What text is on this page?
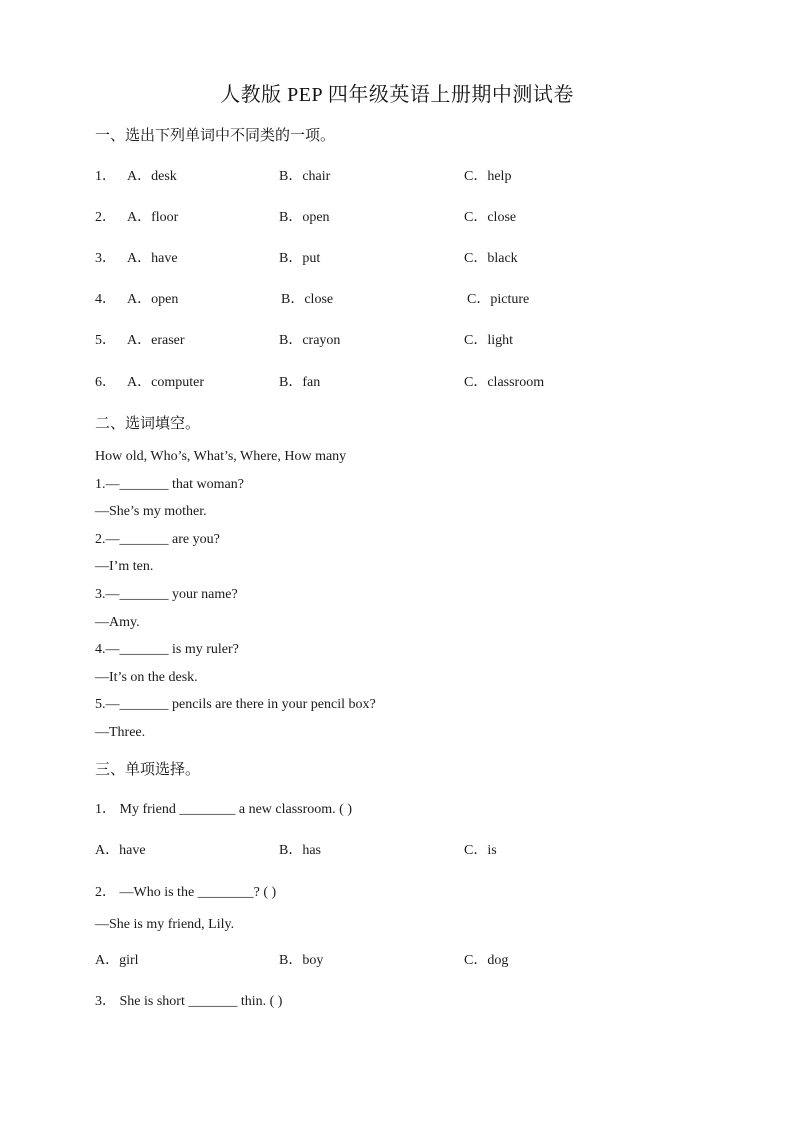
人教版 PEP 四年级英语上册期中测试卷
一、选出下列单词中不同类的一项。
1． A．desk	B．chair	C．help
2． A．floor	B．open	C．close
3． A．have	B．put	C．black
4． A．open	B．close	C．picture
5． A．eraser	B．crayon	C．light
6． A．computer	B．fan	C．classroom
二、选词填空。
How old, Who’s, What’s, Where, How many
1.—_______ that woman?
—She’s my mother.
2.—_______ are you?
—I’m ten.
3.—_______ your name?
—Amy.
4.—_______ is my ruler?
—It’s on the desk.
5.—_______ pencils are there in your pencil box?
—Three.
三、单项选择。
1． My friend ________ a new classroom. ( )
A．have	B．has	C．is
2． —Who is the ________? ( )
—She is my friend, Lily.
A．girl	B．boy	C．dog
3． She is short _______ thin. ( )
